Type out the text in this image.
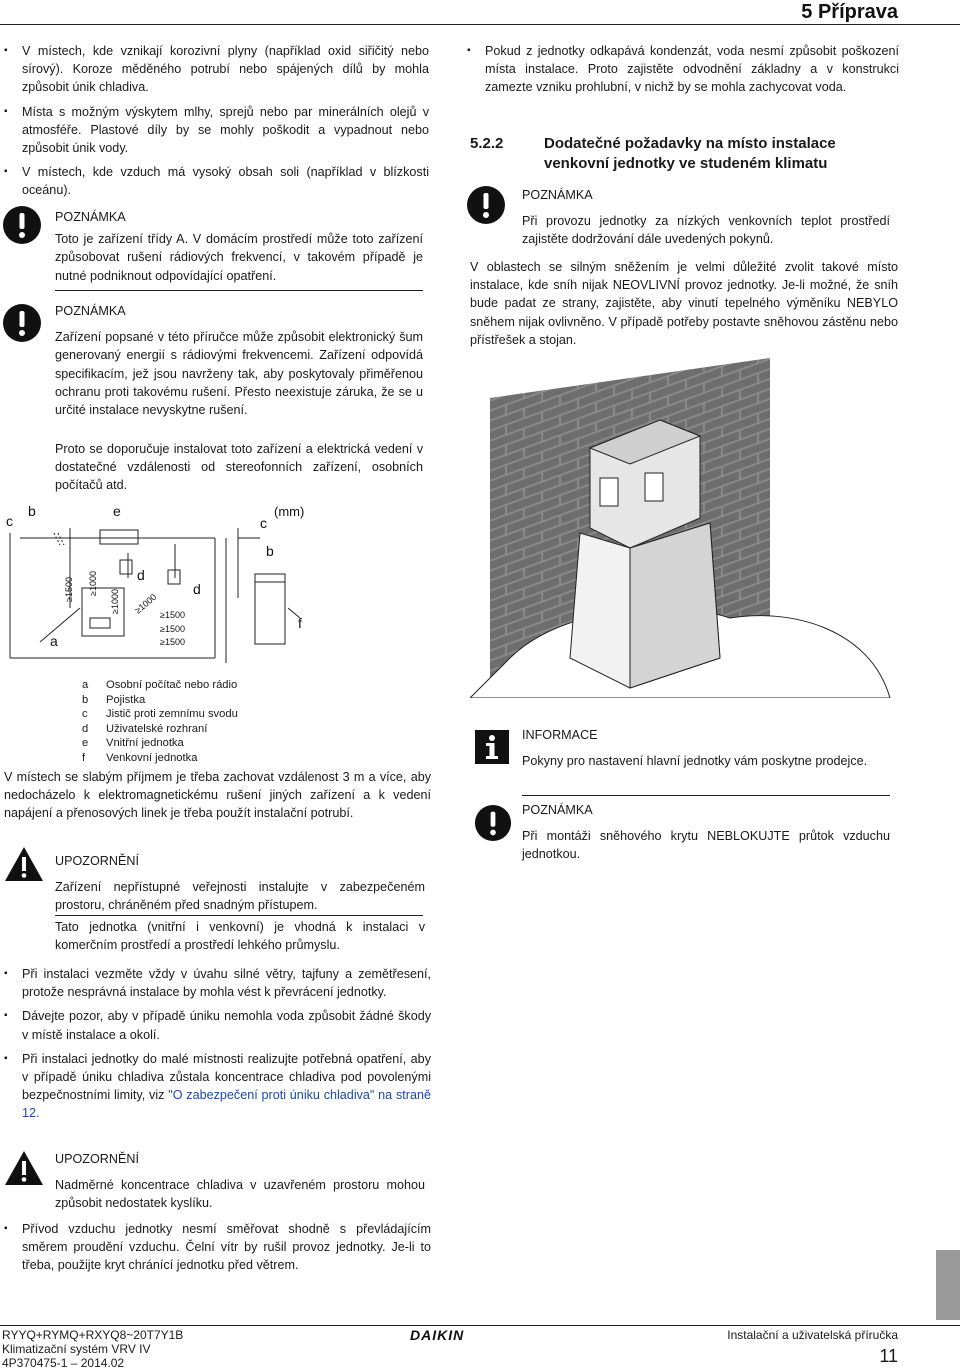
5 Příprava
▪ V místech, kde vznikají korozivní plyny (například oxid siřičitý nebo sírový). Koroze měděného potrubí nebo spájených dílů by mohla způsobit únik chladiva.
▪ Místa s možným výskytem mlhy, sprejů nebo par minerálních olejů v atmosféře. Plastové díly by se mohly poškodit a vypadnout nebo způsobit únik vody.
▪ V místech, kde vzduch má vysoký obsah soli (například v blízkosti oceánu).

POZNÁMKA

Toto je zařízení třídy A. V domácím prostředí může toto zařízení způsobovat rušení rádiových frekvencí, v takovém případě je nutné podniknout odpovídající opatření.

POZNÁMKA

Zařízení popsané v této příručce může způsobit elektronický šum generovaný energií s rádiovými frekvencemi. Zařízení odpovídá specifikacím, jež jsou navrženy tak, aby poskytovaly přiměřenou ochranu proti takovému rušení. Přesto neexistuje záruka, že se u určité instalace nevyskytne rušení.

Proto se doporučuje instalovat toto zařízení a elektrická vedení v dostatečné vzdálenosti od stereofonních zařízení, osobních počítačů atd.

c
b	e
c
b
d
d
a
f
(mm)
≥1500 ≥1000
≥1000 ≥1000 ≥1500
≥1500
≥1500
a Osobní počítač nebo rádio
b Pojistka
c Jistič proti zemnímu svodu
d Uživatelské rozhraní
e Vnitřní jednotka
f Venkovní jednotka

V místech se slabým příjmem je třeba zachovat vzdálenost 3 m a více, aby nedocházelo k elektromagnetickému rušení jiných zařízení a k vedení napájení a přenosových linek je třeba použít instalační potrubí.

UPOZORNĚNÍ

Zařízení nepřístupné veřejnosti instalujte v zabezpečeném prostoru, chráněném před snadným přístupem.

Tato jednotka (vnitřní i venkovní) je vhodná k instalaci v komerčním prostředí a prostředí lehkého průmyslu.

▪ Při instalaci vezměte vždy v úvahu silné větry, tajfuny a zemětřesení, protože nesprávná instalace by mohla vést k převrácení jednotky.
▪ Dávejte pozor, aby v případě úniku nemohla voda způsobit žádné škody v místě instalace a okolí.
▪ Při instalaci jednotky do malé místnosti realizujte potřebná opatření, aby v případě úniku chladiva zůstala koncentrace chladiva pod povolenými bezpečnostními limity, viz "O zabezpečení proti úniku chladiva" na straně 12.

UPOZORNĚNÍ

Nadměrné koncentrace chladiva v uzavřeném prostoru mohou způsobit nedostatek kyslíku.

▪ Přívod vzduchu jednotky nesmí směřovat shodně s převládajícím směrem proudění vzduchu. Čelní vítr by rušil provoz jednotky. Je-li to třeba, použijte kryt chránící jednotku před větrem.
▪ Pokud z jednotky odkapává kondenzát, voda nesmí způsobit poškození místa instalace. Proto zajistěte odvodnění základny a v konstrukci zamezte vzniku prohlubní, v nichž by se mohla zachycovat voda.
5.2.2	Dodatečné požadavky na místo instalace venkovní jednotky ve studeném klimatu

POZNÁMKA

Při provozu jednotky za nízkých venkovních teplot prostředí zajistěte dodržování dále uvedených pokynů.

V oblastech se silným sněžením je velmi důležité zvolit takové místo instalace, kde sníh nijak NEOVLIVNÍ provoz jednotky. Je-li možné, že sníh bude padat ze strany, zajistěte, aby vinutí tepelného výměníku NEBYLO sněhem nijak ovlivněno. V případě potřeby postavte sněhovou zástěnu nebo přístřešek a stojan.

INFORMACE

Pokyny pro nastavení hlavní jednotky vám poskytne prodejce.

POZNÁMKA

Při montáži sněhového krytu NEBLOKUJTE průtok vzduchu jednotkou.

RYYQ+RYMQ+RXYQ8~20T7Y1B
Klimatizační systém VRV IV
4P370475-1 – 2014.02
DAIKIN	Instalační a uživatelská příručka
11
